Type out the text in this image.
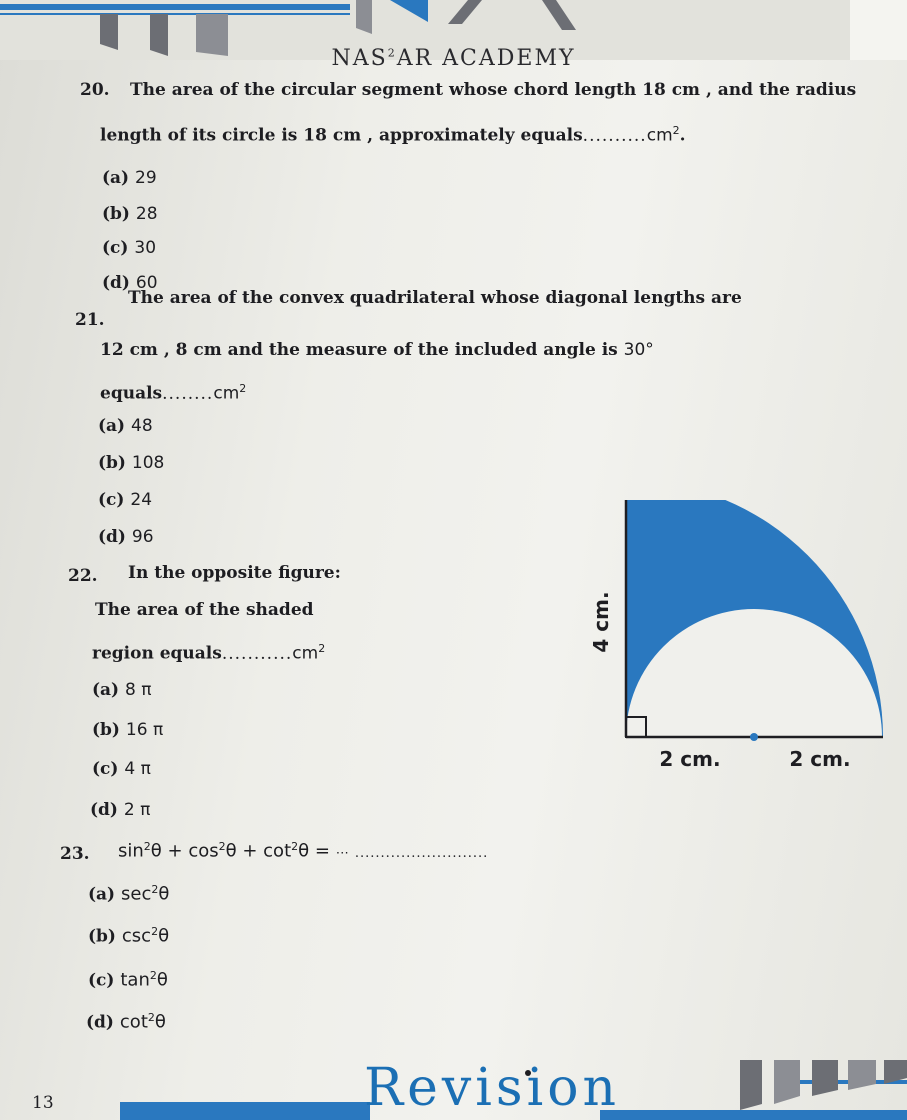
NAS$^2$AR ACADEMY
20. The area of the circular segment whose chord length 18 cm , and the radius
length of its circle is 18 cm , approximately $equals..........cm^2$.
(a) 29
(b) 28
(c) 30
(d) 60
21.
The area of the convex quadrilateral whose diagonal lengths are
12 cm , 8 cm and the measure of the included angle is 30°
$equals........cm^2$
(a) 48
(b) 108
(c) 24
(d) 96
22. In the opposite figure:
The area of the shaded
region $equals...........cm^2$
(a) 8 π
(b) 16 π
(c) 4 π
(d) 2 π
4 cm.
2 cm.	2 cm.
23. $\sin^2\theta + \cos^2\theta + \cot^2\theta$ = ⋯ ..........................
(a) $\sec^2\theta$
(b) $\csc^2\theta$
(c) $\tan^2\theta$
(d) $\cot^2\theta$
13	Revision
